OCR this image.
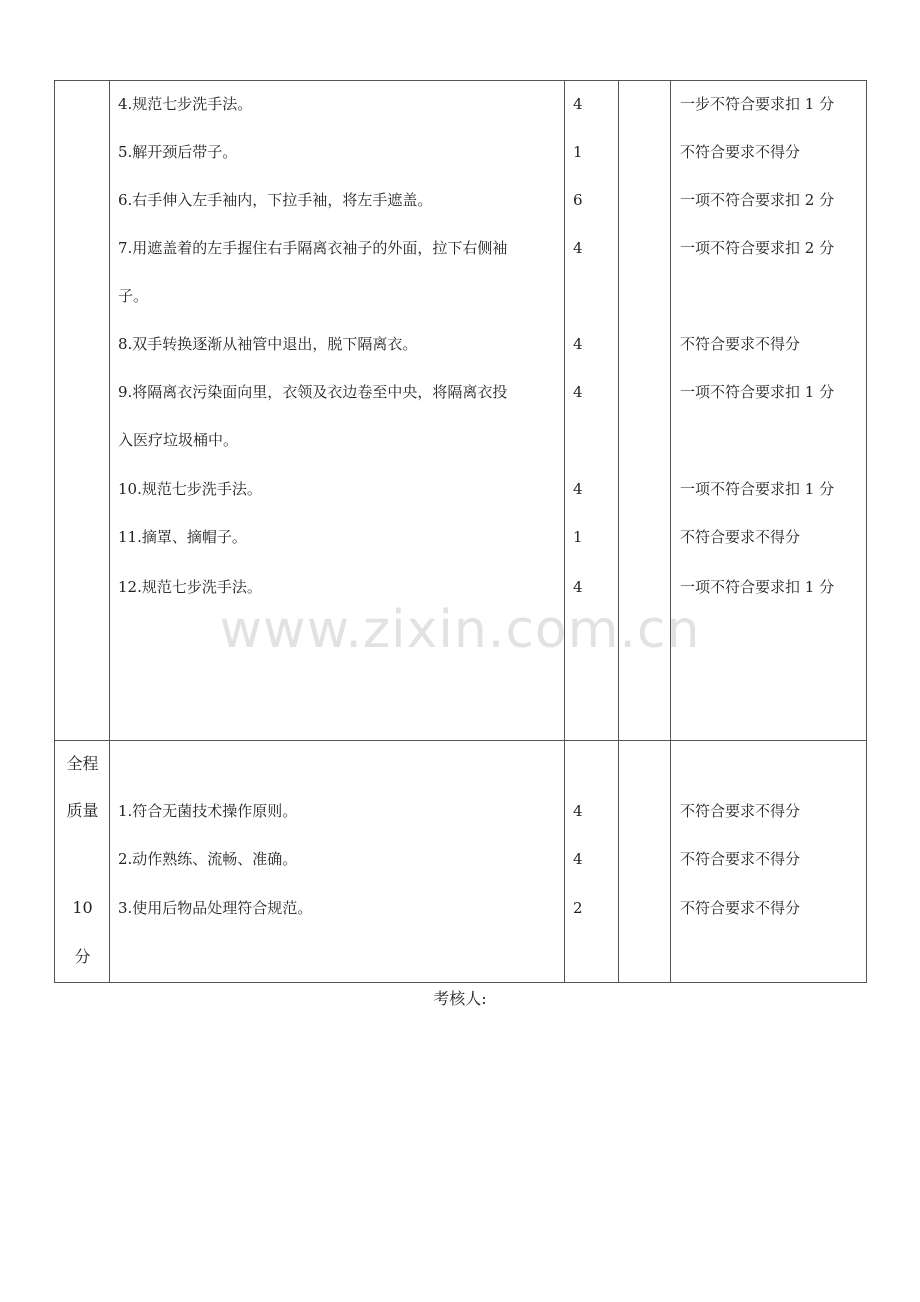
4.规范七步洗手法。	4	一步不符合要求扣 1 分
5.解开颈后带子。	1	不符合要求不得分
6.右手伸入左手袖内，下拉手袖，将左手遮盖。	6	一项不符合要求扣 2 分
7.用遮盖着的左手握住右手隔离衣袖子的外面，拉下右侧袖
子。
4	一项不符合要求扣 2 分
8.双手转换逐渐从袖管中退出，脱下隔离衣。	4	不符合要求不得分
9.将隔离衣污染面向里，衣领及衣边卷至中央，将隔离衣投
入医疗垃圾桶中。
4	一项不符合要求扣 1 分
10.规范七步洗手法。	4	一项不符合要求扣 1 分
11.摘罩、摘帽子。	1	不符合要求不得分
12.规范七步洗手法。	4	一项不符合要求扣 1 分
全程
质量
10
分
1.符合无菌技术操作原则。	4	不符合要求不得分
2.动作熟练、流畅、准确。	4	不符合要求不得分
3.使用后物品处理符合规范。	2	不符合要求不得分
www.zixin.com.cn
考核人:
